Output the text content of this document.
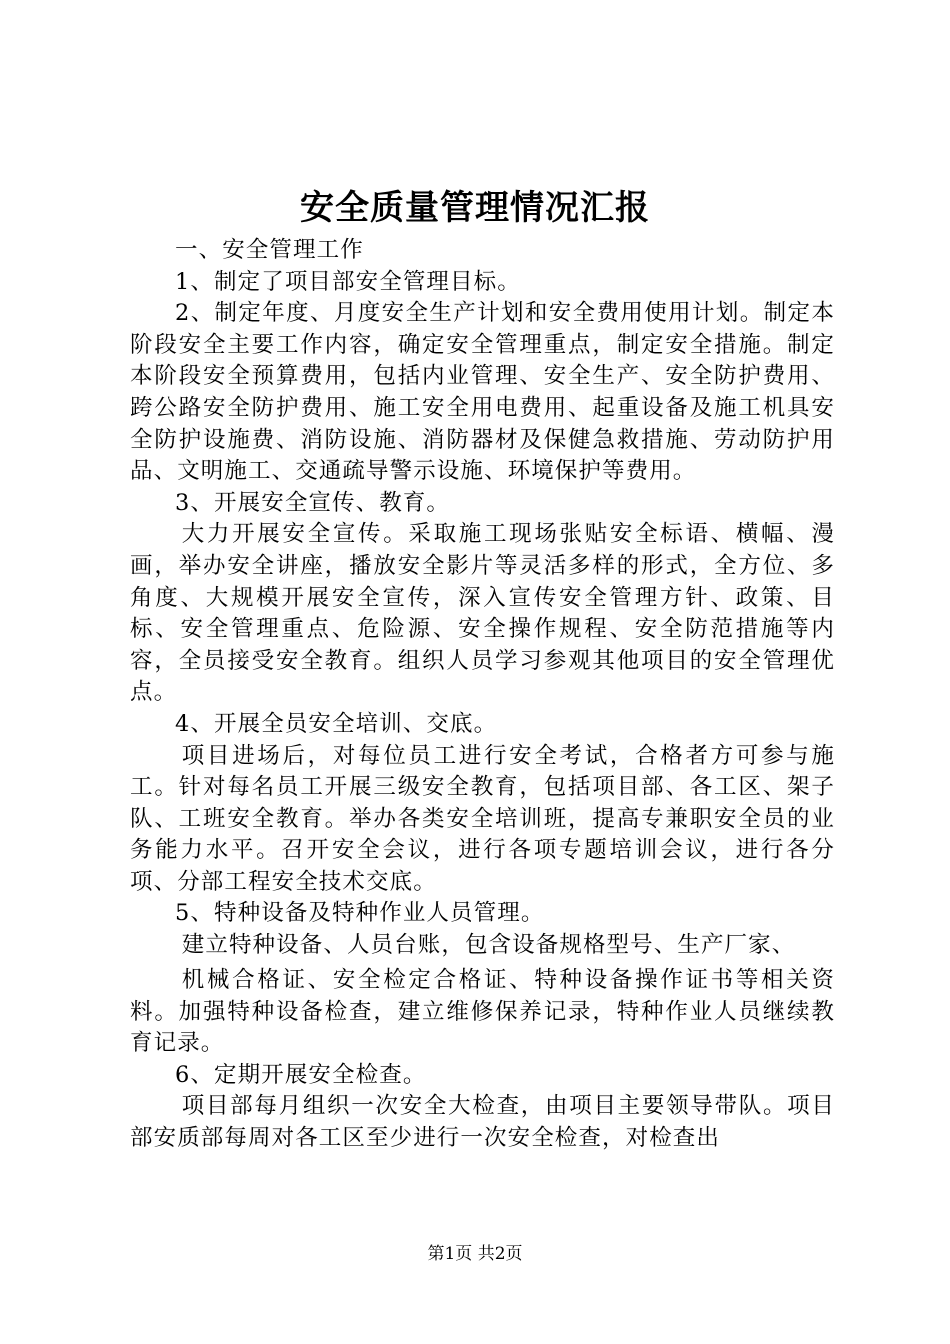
安全质量管理情况汇报

一、安全管理工作

1、制定了项目部安全管理目标。

2、制定年度、月度安全生产计划和安全费用使用计划。制定本阶段安全主要工作内容，确定安全管理重点，制定安全措施。制定本阶段安全预算费用，包括内业管理、安全生产、安全防护费用、跨公路安全防护费用、施工安全用电费用、起重设备及施工机具安全防护设施费、消防设施、消防器材及保健急救措施、劳动防护用品、文明施工、交通疏导警示设施、环境保护等费用。

3、开展安全宣传、教育。

大力开展安全宣传。采取施工现场张贴安全标语、横幅、漫画，举办安全讲座，播放安全影片等灵活多样的形式，全方位、多角度、大规模开展安全宣传，深入宣传安全管理方针、政策、目标、安全管理重点、危险源、安全操作规程、安全防范措施等内容，全员接受安全教育。组织人员学习参观其他项目的安全管理优点。

4、开展全员安全培训、交底。

项目进场后，对每位员工进行安全考试，合格者方可参与施工。针对每名员工开展三级安全教育，包括项目部、各工区、架子队、工班安全教育。举办各类安全培训班，提高专兼职安全员的业务能力水平。召开安全会议，进行各项专题培训会议，进行各分项、分部工程安全技术交底。

5、特种设备及特种作业人员管理。

建立特种设备、人员台账，包含设备规格型号、生产厂家、

机械合格证、安全检定合格证、特种设备操作证书等相关资料。加强特种设备检查，建立维修保养记录，特种作业人员继续教育记录。

6、定期开展安全检查。

项目部每月组织一次安全大检查，由项目主要领导带队。项目部安质部每周对各工区至少进行一次安全检查，对检查出

第1页 共2页
